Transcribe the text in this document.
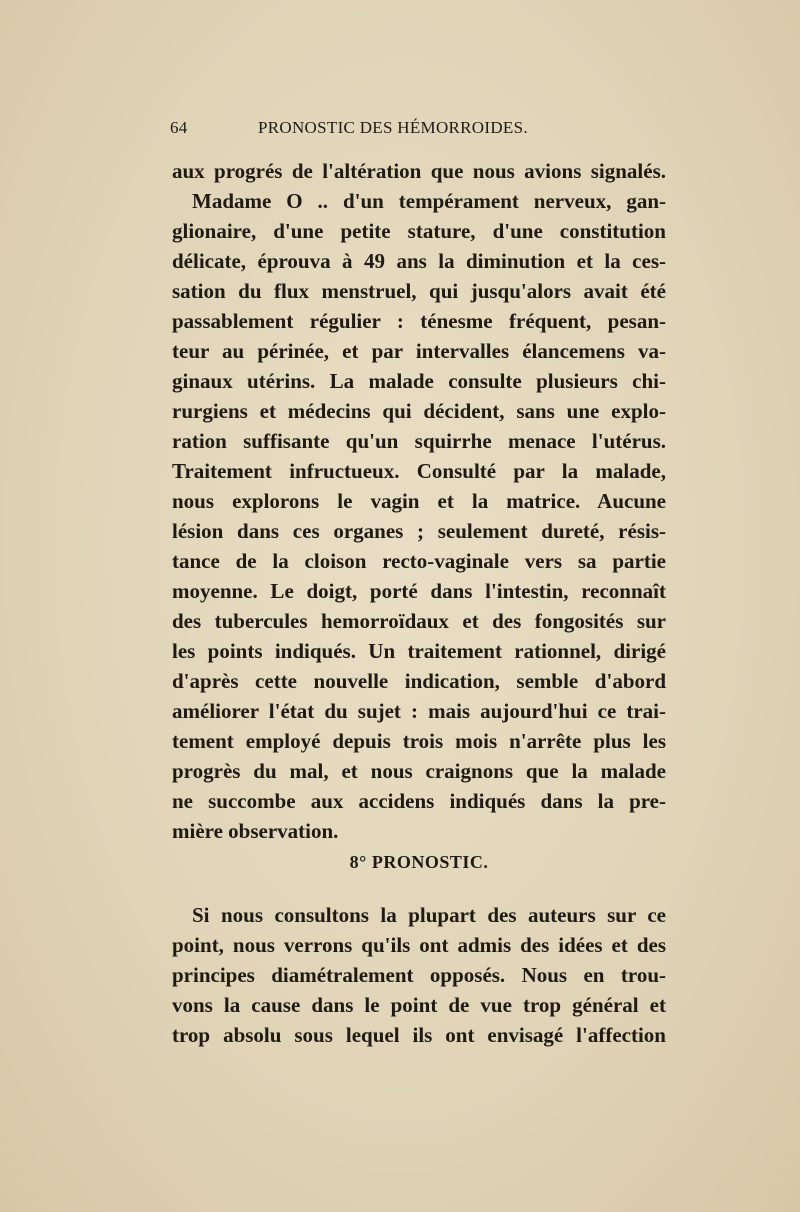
64	PRONOSTIC DES HÉMORROIDES.
aux progrés de l'altération que nous avions signalés.
Madame O .. d'un tempérament nerveux, gan-
glionaire, d'une petite stature, d'une constitution
délicate, éprouva à 49 ans la diminution et la ces-
sation du flux menstruel, qui jusqu'alors avait été
passablement régulier : ténesme fréquent, pesan-
teur au périnée, et par intervalles élancemens va-
ginaux utérins. La malade consulte plusieurs chi-
rurgiens et médecins qui décident, sans une explo-
ration suffisante qu'un squirrhe menace l'utérus.
Traitement infructueux. Consulté par la malade,
nous explorons le vagin et la matrice. Aucune
lésion dans ces organes ; seulement dureté, résis-
tance de la cloison recto-vaginale vers sa partie
moyenne. Le doigt, porté dans l'intestin, reconnaît
des tubercules hemorroïdaux et des fongosités sur
les points indiqués. Un traitement rationnel, dirigé
d'après cette nouvelle indication, semble d'abord
améliorer l'état du sujet : mais aujourd'hui ce trai-
tement employé depuis trois mois n'arrête plus les
progrès du mal, et nous craignons que la malade
ne succombe aux accidens indiqués dans la pre-
mière observation.
8° PRONOSTIC.
Si nous consultons la plupart des auteurs sur ce
point, nous verrons qu'ils ont admis des idées et des
principes diamétralement opposés. Nous en trou-
vons la cause dans le point de vue trop général et
trop absolu sous lequel ils ont envisagé l'affection
